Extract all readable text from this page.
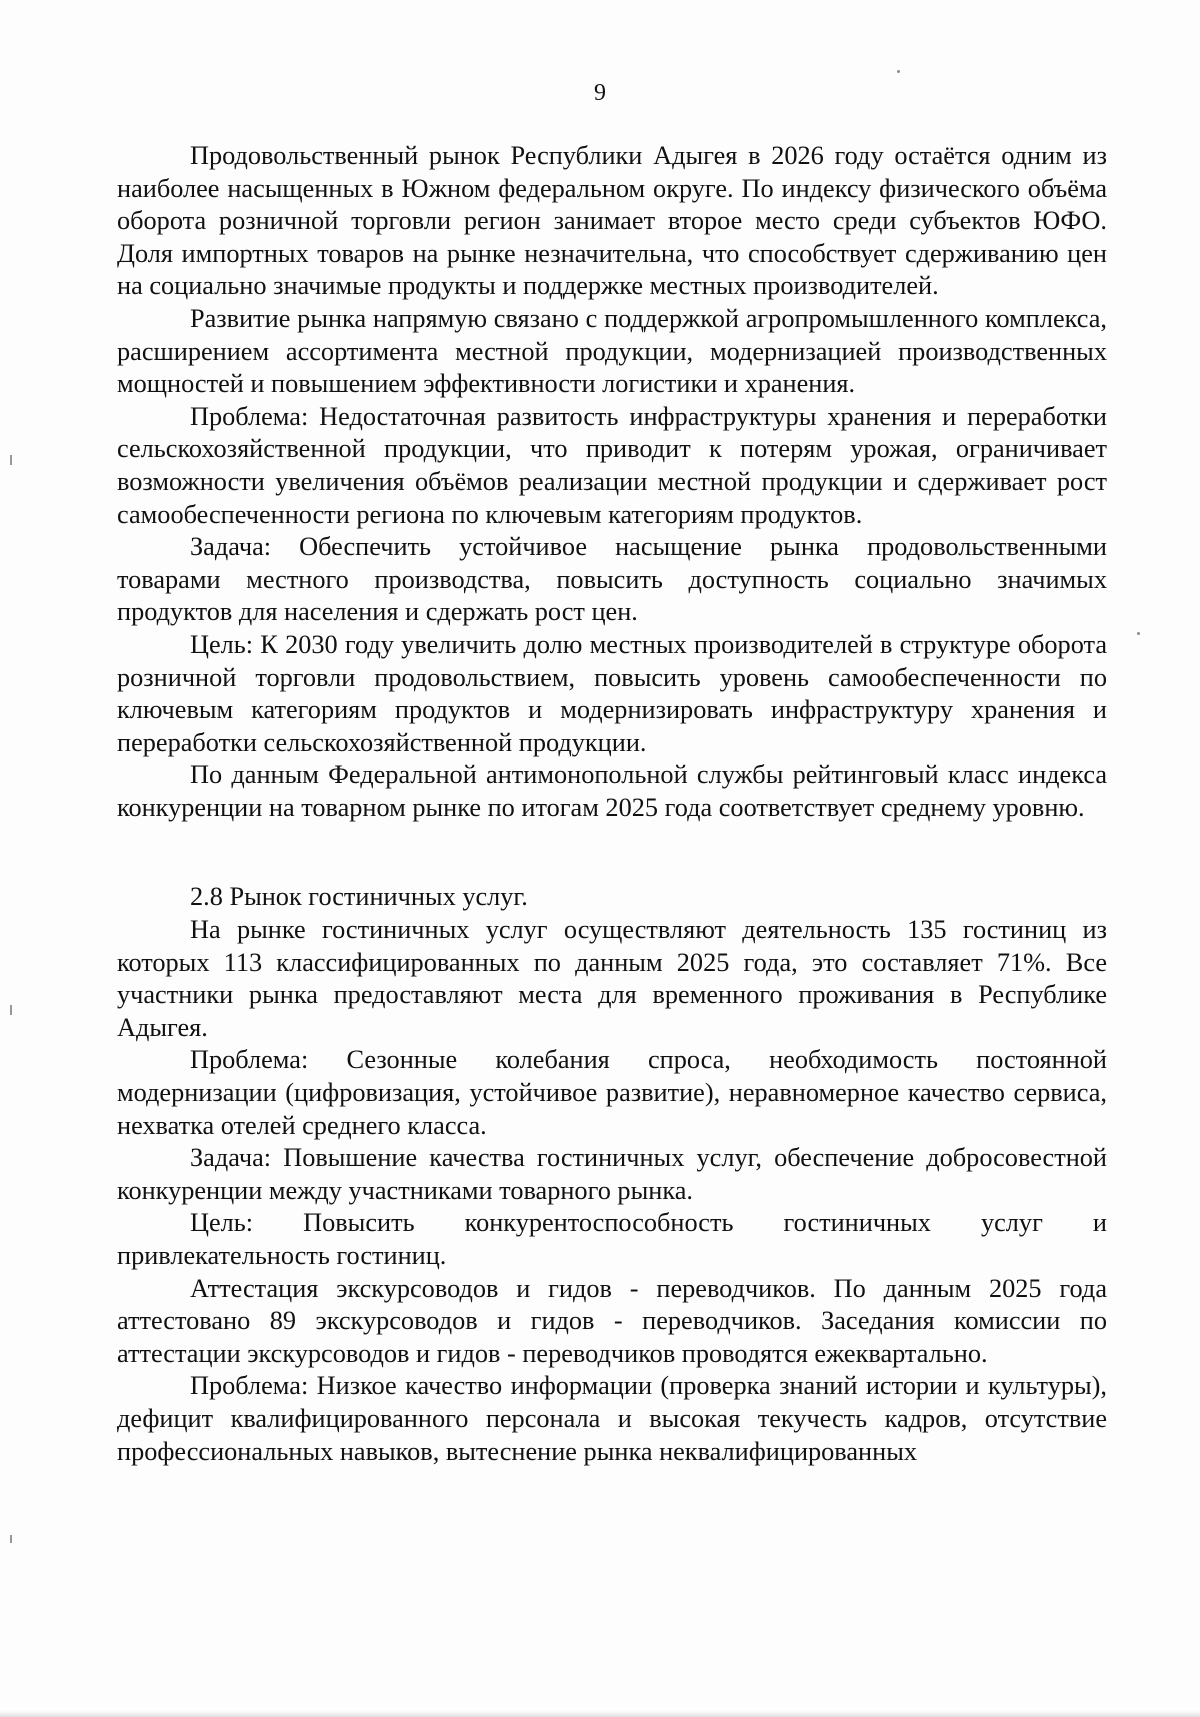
9

Продовольственный рынок Республики Адыгея в 2026 году остаётся одним из наиболее насыщенных в Южном федеральном округе. По индексу физического объёма оборота розничной торговли регион занимает второе место среди субъектов ЮФО. Доля импортных товаров на рынке незначительна, что способствует сдерживанию цен на социально значимые продукты и поддержке местных производителей.

Развитие рынка напрямую связано с поддержкой агропромышленного комплекса, расширением ассортимента местной продукции, модернизацией производственных мощностей и повышением эффективности логистики и хранения.

Проблема: Недостаточная развитость инфраструктуры хранения и переработки сельскохозяйственной продукции, что приводит к потерям урожая, ограничивает возможности увеличения объёмов реализации местной продукции и сдерживает рост самообеспеченности региона по ключевым категориям продуктов.

Задача: Обеспечить устойчивое насыщение рынка продовольственными товарами местного производства, повысить доступность социально значимых продуктов для населения и сдержать рост цен.

Цель: К 2030 году увеличить долю местных производителей в структуре оборота розничной торговли продовольствием, повысить уровень самообеспеченности по ключевым категориям продуктов и модернизировать инфраструктуру хранения и переработки сельскохозяйственной продукции.

По данным Федеральной антимонопольной службы рейтинговый класс индекса конкуренции на товарном рынке по итогам 2025 года соответствует среднему уровню.

2.8 Рынок гостиничных услуг.

На рынке гостиничных услуг осуществляют деятельность 135 гостиниц из которых 113 классифицированных по данным 2025 года, это составляет 71%. Все участники рынка предоставляют места для временного проживания в Республике Адыгея.

Проблема: Сезонные колебания спроса, необходимость постоянной модернизации (цифровизация, устойчивое развитие), неравномерное качество сервиса, нехватка отелей среднего класса.

Задача: Повышение качества гостиничных услуг, обеспечение добросовестной конкуренции между участниками товарного рынка.

Цель: Повысить конкурентоспособность гостиничных услуг и привлекательность гостиниц.

Аттестация экскурсоводов и гидов - переводчиков. По данным 2025 года аттестовано 89 экскурсоводов и гидов - переводчиков. Заседания комиссии по аттестации экскурсоводов и гидов - переводчиков проводятся ежеквартально.

Проблема: Низкое качество информации (проверка знаний истории и культуры), дефицит квалифицированного персонала и высокая текучесть кадров, отсутствие профессиональных навыков, вытеснение рынка неквалифицированных
